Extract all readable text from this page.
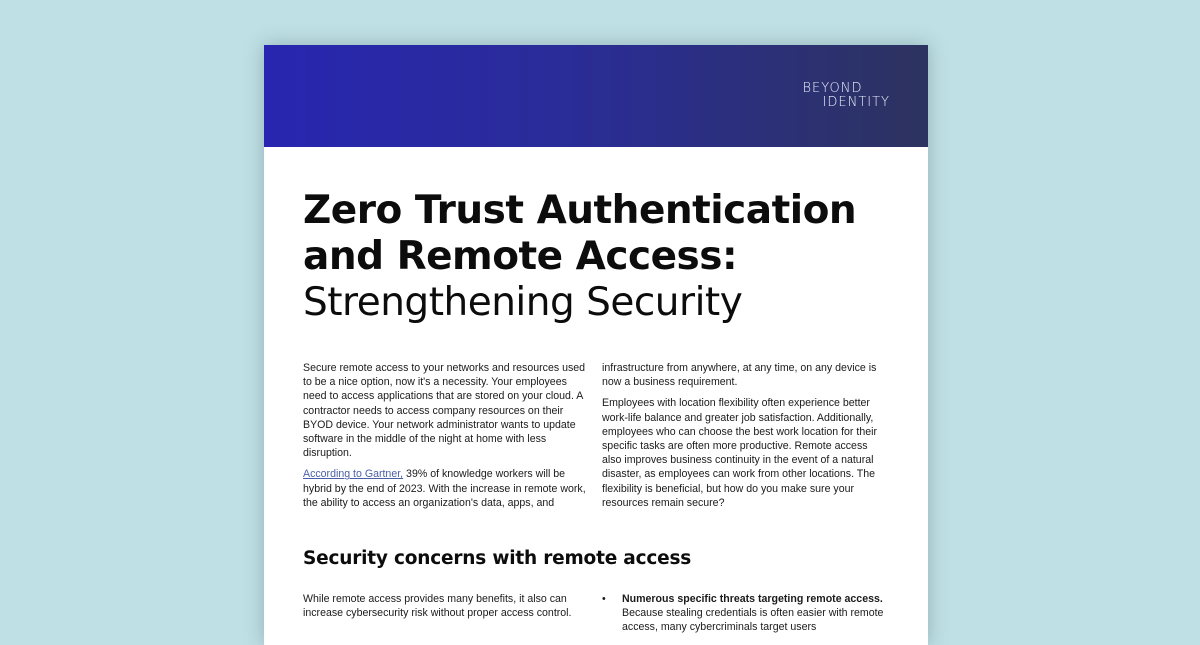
BEYOND
IDENTITY
Zero Trust Authentication
and Remote Access:
Strengthening Security

Secure remote access to your networks and resources used to be a nice option, now it's a necessity. Your employees need to access applications that are stored on your cloud. A contractor needs to access company resources on their BYOD device. Your network administrator wants to update software in the middle of the night at home with less disruption.

According to Gartner, 39% of knowledge workers will be hybrid by the end of 2023. With the increase in remote work, the ability to access an organization's data, apps, and

infrastructure from anywhere, at any time, on any device is now a business requirement.

Employees with location flexibility often experience better work-life balance and greater job satisfaction. Additionally, employees who can choose the best work location for their specific tasks are often more productive. Remote access also improves business continuity in the event of a natural disaster, as employees can work from other locations. The flexibility is beneficial, but how do you make sure your resources remain secure?

Security concerns with remote access

While remote access provides many benefits, it also can increase cybersecurity risk without proper access control.

•	Numerous specific threats targeting remote access. Because stealing credentials is often easier with remote access, many cybercriminals target users
